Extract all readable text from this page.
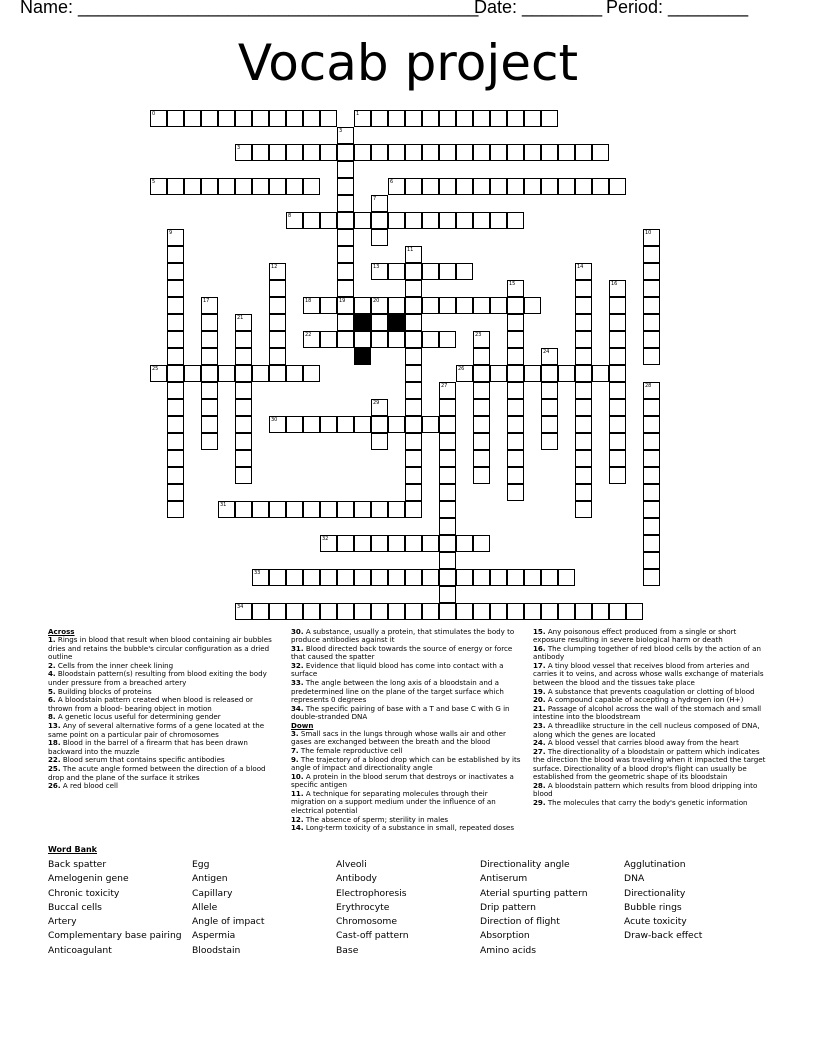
Name: ________________________________________
Date: ________ Period: ________
Vocab project
0	1
3
5	6
8
13
18	19	20
22
25	26
30
31
32
33
34
3
7
9	10
11
12	14
15	16
17
21
23
24
27	28
29
Across
1. Rings in blood that result when blood containing air bubbles dries and retains the bubble's circular configuration as a dried outline
2. Cells from the inner cheek lining
4. Bloodstain pattern(s) resulting from blood exiting the body under pressure from a breached artery
5. Building blocks of proteins
6. A bloodstain pattern created when blood is released or thrown from a blood- bearing object in motion
8. A genetic locus useful for determining gender
13. Any of several alternative forms of a gene located at the same point on a particular pair of chromosomes
18. Blood in the barrel of a firearm that has been drawn backward into the muzzle
22. Blood serum that contains specific antibodies
25. The acute angle formed between the direction of a blood drop and the plane of the surface it strikes
26. A red blood cell
30. A substance, usually a protein, that stimulates the body to produce antibodies against it
31. Blood directed back towards the source of energy or force that caused the spatter
32. Evidence that liquid blood has come into contact with a surface
33. The angle between the long axis of a bloodstain and a predetermined line on the plane of the target surface which represents 0 degrees
34. The specific pairing of base with a T and base C with G in double-stranded DNA
Down
3. Small sacs in the lungs through whose walls air and other gases are exchanged between the breath and the blood
7. The female reproductive cell
9. The trajectory of a blood drop which can be established by its angle of impact and directionality angle
10. A protein in the blood serum that destroys or inactivates a specific antigen
11. A technique for separating molecules through their migration on a support medium under the influence of an electrical potential
12. The absence of sperm; sterility in males
14. Long-term toxicity of a substance in small, repeated doses
15. Any poisonous effect produced from a single or short exposure resulting in severe biological harm or death
16. The clumping together of red blood cells by the action of an antibody
17. A tiny blood vessel that receives blood from arteries and carries it to veins, and across whose walls exchange of materials between the blood and the tissues take place
19. A substance that prevents coagulation or clotting of blood
20. A compound capable of accepting a hydrogen ion (H+)
21. Passage of alcohol across the wall of the stomach and small intestine into the bloodstream
23. A threadlike structure in the cell nucleus composed of DNA, along which the genes are located
24. A blood vessel that carries blood away from the heart
27. The directionality of a bloodstain or pattern which indicates the direction the blood was traveling when it impacted the target surface. Directionality of a blood drop's flight can usually be established from the geometric shape of its bloodstain
28. A bloodstain pattern which results from blood dripping into blood
29. The molecules that carry the body's genetic information
Word Bank
Back spatter
Amelogenin gene
Chronic toxicity
Buccal cells
Artery
Complementary base pairing
Anticoagulant
Egg
Antigen
Capillary
Allele
Angle of impact
Aspermia
Bloodstain
Alveoli
Antibody
Electrophoresis
Erythrocyte
Chromosome
Cast-off pattern
Base
Directionality angle
Antiserum
Aterial spurting pattern
Drip pattern
Direction of flight
Absorption
Amino acids
Agglutination
DNA
Directionality
Bubble rings
Acute toxicity
Draw-back effect
